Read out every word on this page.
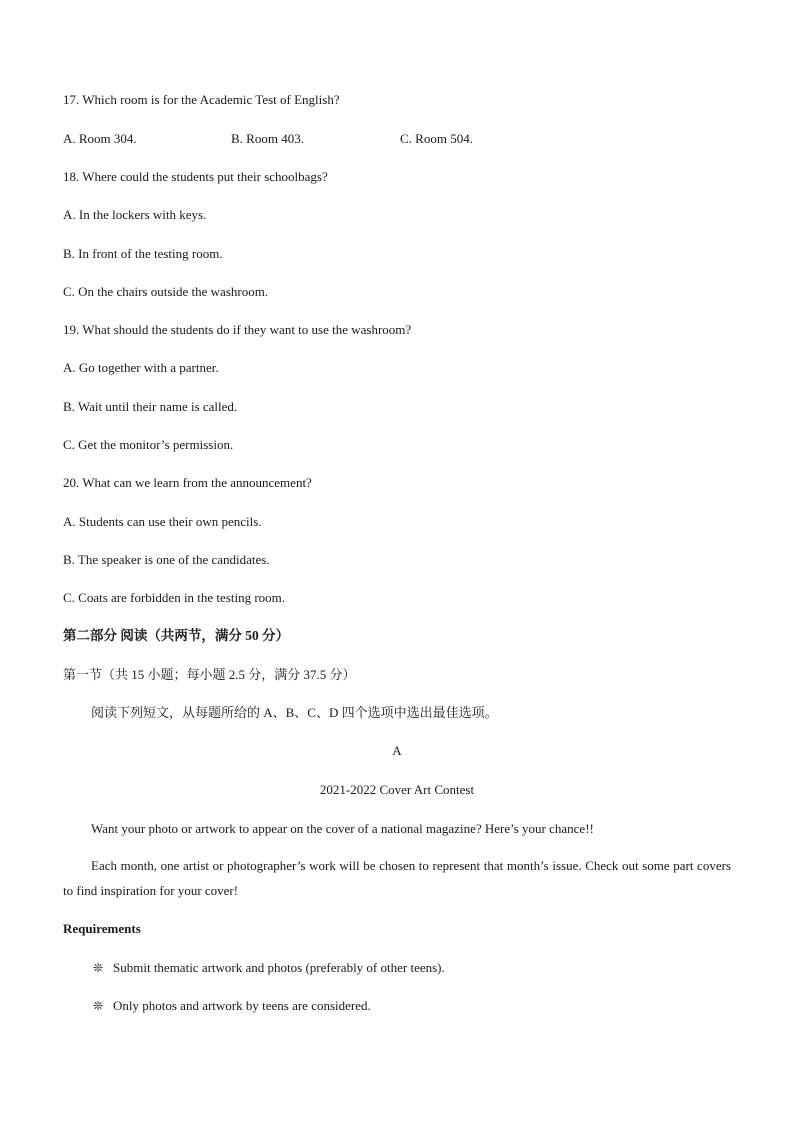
17. Which room is for the Academic Test of English?
A. Room 304.	B. Room 403.	C. Room 504.
18. Where could the students put their schoolbags?
A. In the lockers with keys.
B. In front of the testing room.
C. On the chairs outside the washroom.
19. What should the students do if they want to use the washroom?
A. Go together with a partner.
B. Wait until their name is called.
C. Get the monitor’s permission.
20. What can we learn from the announcement?
A. Students can use their own pencils.
B. The speaker is one of the candidates.
C. Coats are forbidden in the testing room.
第二部分 阅读（共两节，满分 50 分）
第一节（共 15 小题；每小题 2.5 分，满分 37.5 分）
阅读下列短文，从每题所给的 A、B、C、D 四个选项中选出最佳选项。
A
2021-2022 Cover Art Contest
Want your photo or artwork to appear on the cover of a national magazine? Here’s your chance!!
Each month, one artist or photographer’s work will be chosen to represent that month’s issue. Check out some part covers to find inspiration for your cover!
Requirements
❊ Submit thematic artwork and photos (preferably of other teens).
❊ Only photos and artwork by teens are considered.
